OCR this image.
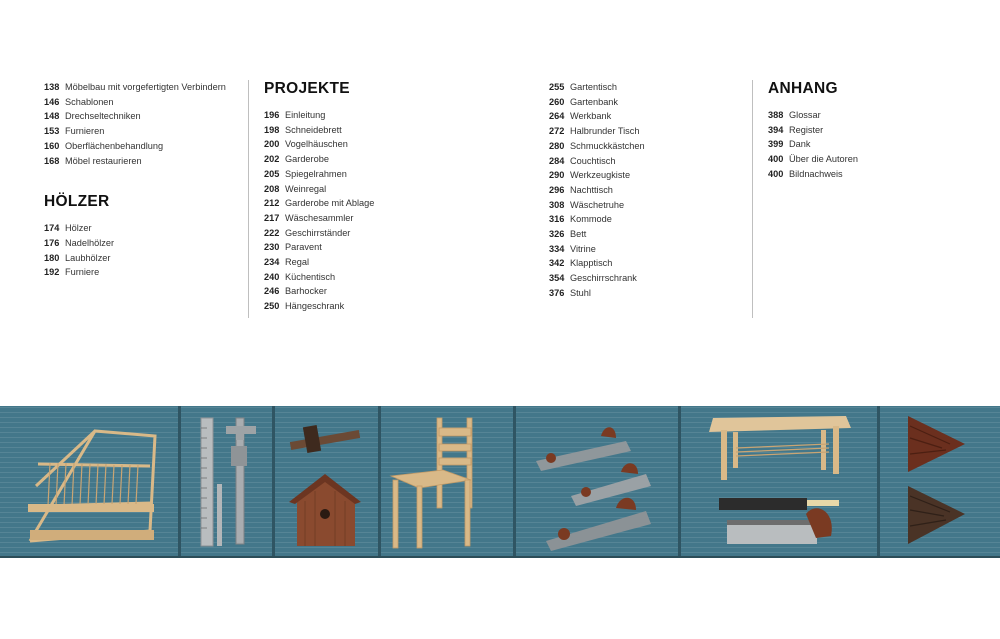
138 Möbelbau mit vorgefertigten Verbindern
146 Schablonen
148 Drechseltechniken
153 Furnieren
160 Oberflächenbehandlung
168 Möbel restaurieren
HÖLZER
174 Hölzer
176 Nadelhölzer
180 Laubhölzer
192 Furniere
PROJEKTE
196 Einleitung
198 Schneidebrett
200 Vogelhäuschen
202 Garderobe
205 Spiegelrahmen
208 Weinregal
212 Garderobe mit Ablage
217 Wäschesammler
222 Geschirrständer
230 Paravent
234 Regal
240 Küchentisch
246 Barhocker
250 Hängeschrank
255 Gartentisch
260 Gartenbank
264 Werkbank
272 Halbrunder Tisch
280 Schmuckkästchen
284 Couchtisch
290 Werkzeugkiste
296 Nachttisch
308 Wäschetruhe
316 Kommode
326 Bett
334 Vitrine
342 Klapptisch
354 Geschirrschrank
376 Stuhl
ANHANG
388 Glossar
394 Register
399 Dank
400 Über die Autoren
400 Bildnachweis
